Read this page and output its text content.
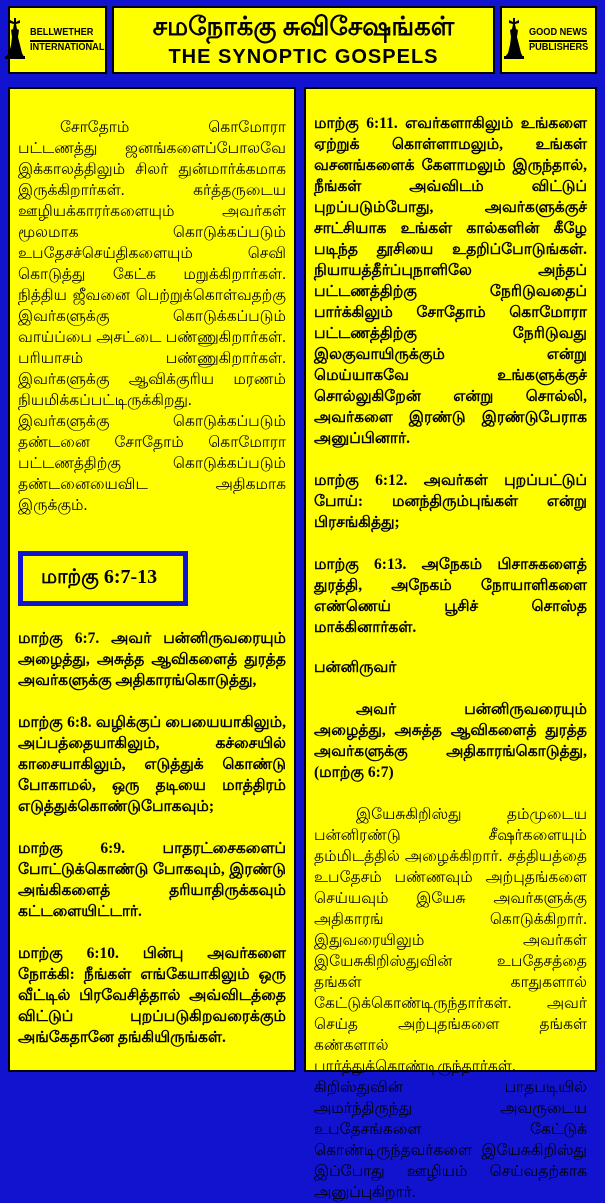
BELLWETHER
INTERNATIONAL
சமநோக்கு சுவிசேஷங்கள்
THE SYNOPTIC GOSPELS
GOOD NEWS
PUBLISHERS

சோதோம் கொமோரா பட்டணத்து ஜனங்களைப்போலவே இக்காலத்திலும் சிலர் துன்மார்க்கமாக இருக்கிறார்கள். கர்த்தருடைய ஊழியக்காரர்களையும் அவர்கள் மூலமாக கொடுக்கப்படும் உபதேசச்செய்திகளையும் செவி கொடுத்து கேட்க மறுக்கிறார்கள். நித்திய ஜீவனை பெற்றுக்கொள்வதற்கு இவர்களுக்கு கொடுக்கப்படும் வாய்ப்பை அசட்டை பண்ணுகிறார்கள். பரியாசம் பண்ணுகிறார்கள். இவர்களுக்கு ஆவிக்குரிய மரணம் நியமிக்கப்பட்டிருக்கிறது. இவர்களுக்கு கொடுக்கப்படும் தண்டனை சோதோம் கொமோரா பட்டணத்திற்கு கொடுக்கப்படும் தண்டனையைவிட அதிகமாக இருக்கும்.

மாற்கு 6:7-13

மாற்கு 6:7. அவர் பன்னிருவரையும் அழைத்து, அசுத்த ஆவிகளைத் துரத்த அவர்களுக்கு அதிகாரங்கொடுத்து,

மாற்கு 6:8. வழிக்குப் பையையாகிலும், அப்பத்தையாகிலும், கச்சையில் காசையாகிலும், எடுத்துக் கொண்டு போகாமல், ஒரு தடியை மாத்திரம் எடுத்துக்கொண்டுபோகவும்;

மாற்கு 6:9. பாதரட்சைகளைப் போட்டுக்கொண்டு போகவும், இரண்டு அங்கிகளைத் தரியாதிருக்கவும் கட்டளையிட்டார்.

மாற்கு 6:10. பின்பு அவர்களை நோக்கி: நீங்கள் எங்கேயாகிலும் ஒரு வீட்டில் பிரவேசித்தால் அவ்விடத்தை விட்டுப் புறப்படுகிறவரைக்கும் அங்கேதானே தங்கியிருங்கள்.

மாற்கு 6:11. எவர்களாகிலும் உங்களை ஏற்றுக் கொள்ளாமலும், உங்கள் வசனங்களைக் கேளாமலும் இருந்தால், நீங்கள் அவ்விடம் விட்டுப் புறப்படும்போது, அவர்களுக்குச் சாட்சியாக உங்கள் கால்களின் கீழே படிந்த தூசியை உதறிப்போடுங்கள். நியாயத்தீர்ப்புநாளிலே அந்தப் பட்டணத்திற்கு நேரிடுவதைப் பார்க்கிலும் சோதோம் கொமோரா பட்டணத்திற்கு நேரிடுவது இலகுவாயிருக்கும் என்று மெய்யாகவே உங்களுக்குச் சொல்லுகிறேன் என்று சொல்லி, அவர்களை இரண்டு இரண்டுபேராக அனுப்பினார்.

மாற்கு 6:12. அவர்கள் புறப்பட்டுப் போய்: மனந்திரும்புங்கள் என்று பிரசங்கித்து;

மாற்கு 6:13. அநேகம் பிசாசுகளைத் துரத்தி, அநேகம் நோயாளிகளை எண்ணெய் பூசிச் சொஸ்த மாக்கினார்கள்.

பன்னிருவர்

அவர் பன்னிருவரையும் அழைத்து, அசுத்த ஆவிகளைத் துரத்த அவர்களுக்கு அதிகாரங்கொடுத்து, (மாற்கு 6:7)

இயேசுகிறிஸ்து தம்முடைய பன்னிரண்டு சீஷர்களையும் தம்மிடத்தில் அழைக்கிறார். சத்தியத்தை உபதேசம் பண்ணவும் அற்புதங்களை செய்யவும் இயேசு அவர்களுக்கு அதிகாரங் கொடுக்கிறார். இதுவரையிலும் அவர்கள் இயேசுகிறிஸ்துவின் உபதேசத்தை தங்கள் காதுகளால் கேட்டுக்கொண்டிருந்தார்கள். அவர் செய்த அற்புதங்களை தங்கள் கண்களால் பார்த்துக்கொண்டிருந்தார்கள். கிறிஸ்துவின் பாதபடியில் அமர்ந்திருந்து அவருடைய உபதேசங்களை கேட்டுக் கொண்டிருந்தவர்களை இயேசுகிறிஸ்து இப்போது ஊழியம் செய்வதற்காக அனுப்புகிறார்.
